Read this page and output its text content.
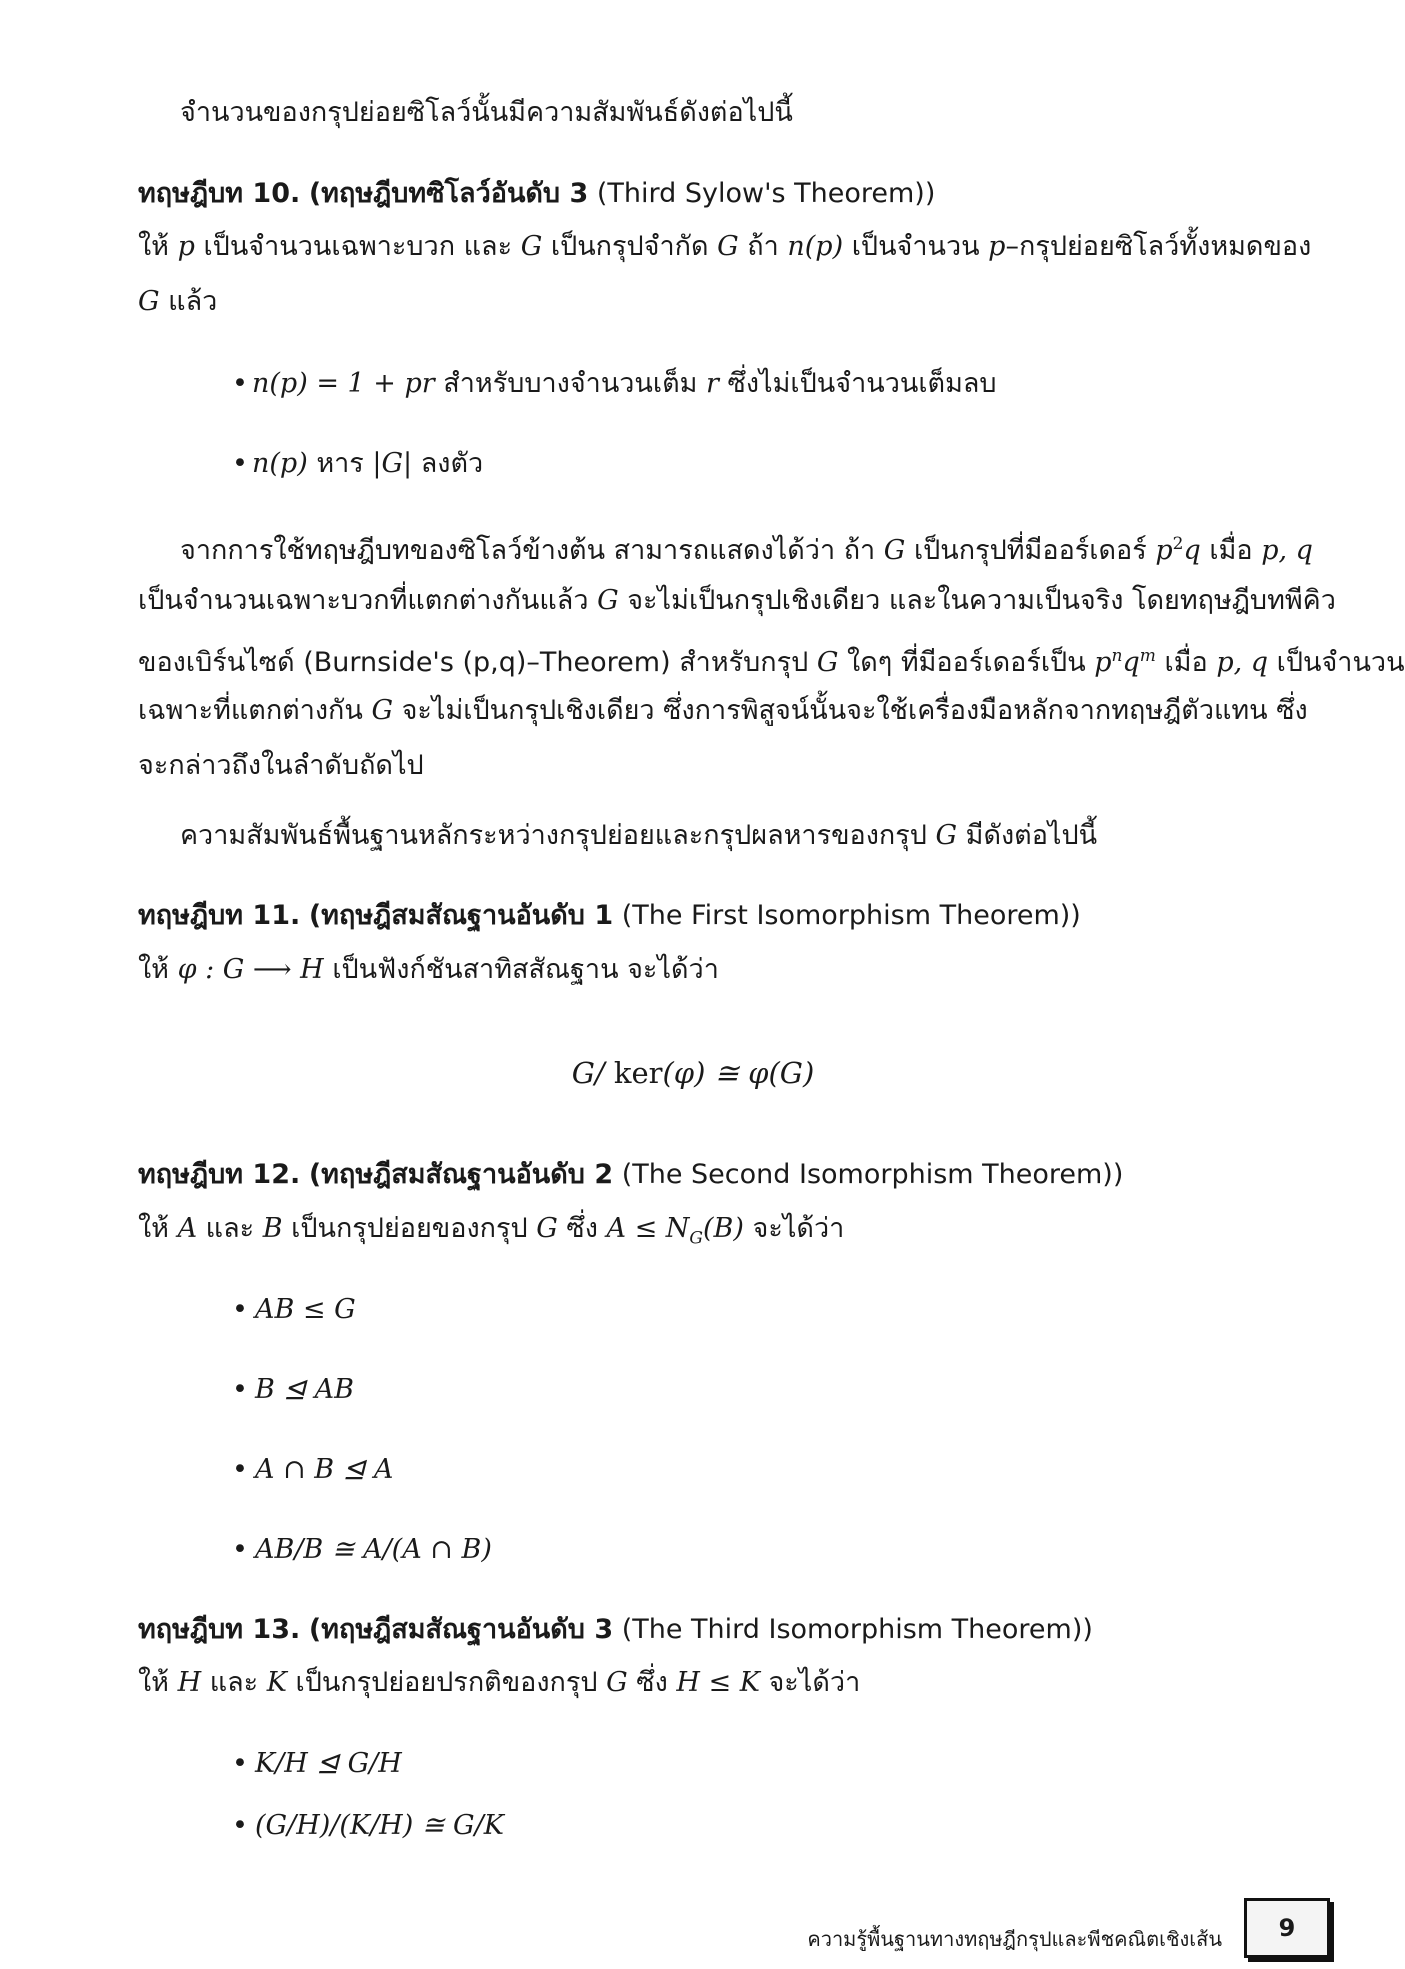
จำนวนของกรุปย่อยซิโลว์นั้นมีความสัมพันธ์ดังต่อไปนี้
ทฤษฎีบท 10. (ทฤษฎีบทซิโลว์อันดับ 3 (Third Sylow's Theorem))
ให้ p เป็นจำนวนเฉพาะบวก และ G เป็นกรุปจำกัด G ถ้า n(p) เป็นจำนวน p–กรุปย่อยซิโลว์ทั้งหมดของ
G แล้ว
• n(p) = 1 + pr สำหรับบางจำนวนเต็ม r ซึ่งไม่เป็นจำนวนเต็มลบ
• n(p) หาร |G| ลงตัว
จากการใช้ทฤษฎีบทของซิโลว์ข้างต้น สามารถแสดงได้ว่า ถ้า G เป็นกรุปที่มีออร์เดอร์ $p^2q$ เมื่อ p, q
เป็นจำนวนเฉพาะบวกที่แตกต่างกันแล้ว G จะไม่เป็นกรุปเชิงเดียว และในความเป็นจริง โดยทฤษฎีบทพีคิว
ของเบิร์นไซด์ (Burnside's (p,q)–Theorem) สำหรับกรุป G ใดๆ ที่มีออร์เดอร์เป็น $p^nq^m$ เมื่อ p, q เป็นจำนวน
เฉพาะที่แตกต่างกัน G จะไม่เป็นกรุปเชิงเดียว ซึ่งการพิสูจน์นั้นจะใช้เครื่องมือหลักจากทฤษฎีตัวแทน ซึ่ง
จะกล่าวถึงในลำดับถัดไป
ความสัมพันธ์พื้นฐานหลักระหว่างกรุปย่อยและกรุปผลหารของกรุป G มีดังต่อไปนี้
ทฤษฎีบท 11. (ทฤษฎีสมสัณฐานอันดับ 1 (The First Isomorphism Theorem))
ให้ φ : G ⟶ H เป็นฟังก์ชันสาทิสสัณฐาน จะได้ว่า
G/ ker(φ) ≅ φ(G)
ทฤษฎีบท 12. (ทฤษฎีสมสัณฐานอันดับ 2 (The Second Isomorphism Theorem))
ให้ A และ B เป็นกรุปย่อยของกรุป G ซึ่ง $A \le N_G(B)$ จะได้ว่า
• AB ≤ G
• B ⊴ AB
• A ∩ B ⊴ A
• AB/B ≅ A/(A ∩ B)
ทฤษฎีบท 13. (ทฤษฎีสมสัณฐานอันดับ 3 (The Third Isomorphism Theorem))
ให้ H และ K เป็นกรุปย่อยปรกติของกรุป G ซึ่ง H ≤ K จะได้ว่า
• K/H ⊴ G/H
• (G/H)/(K/H) ≅ G/K
ความรู้พื้นฐานทางทฤษฎีกรุปและพีชคณิตเชิงเส้น	9
